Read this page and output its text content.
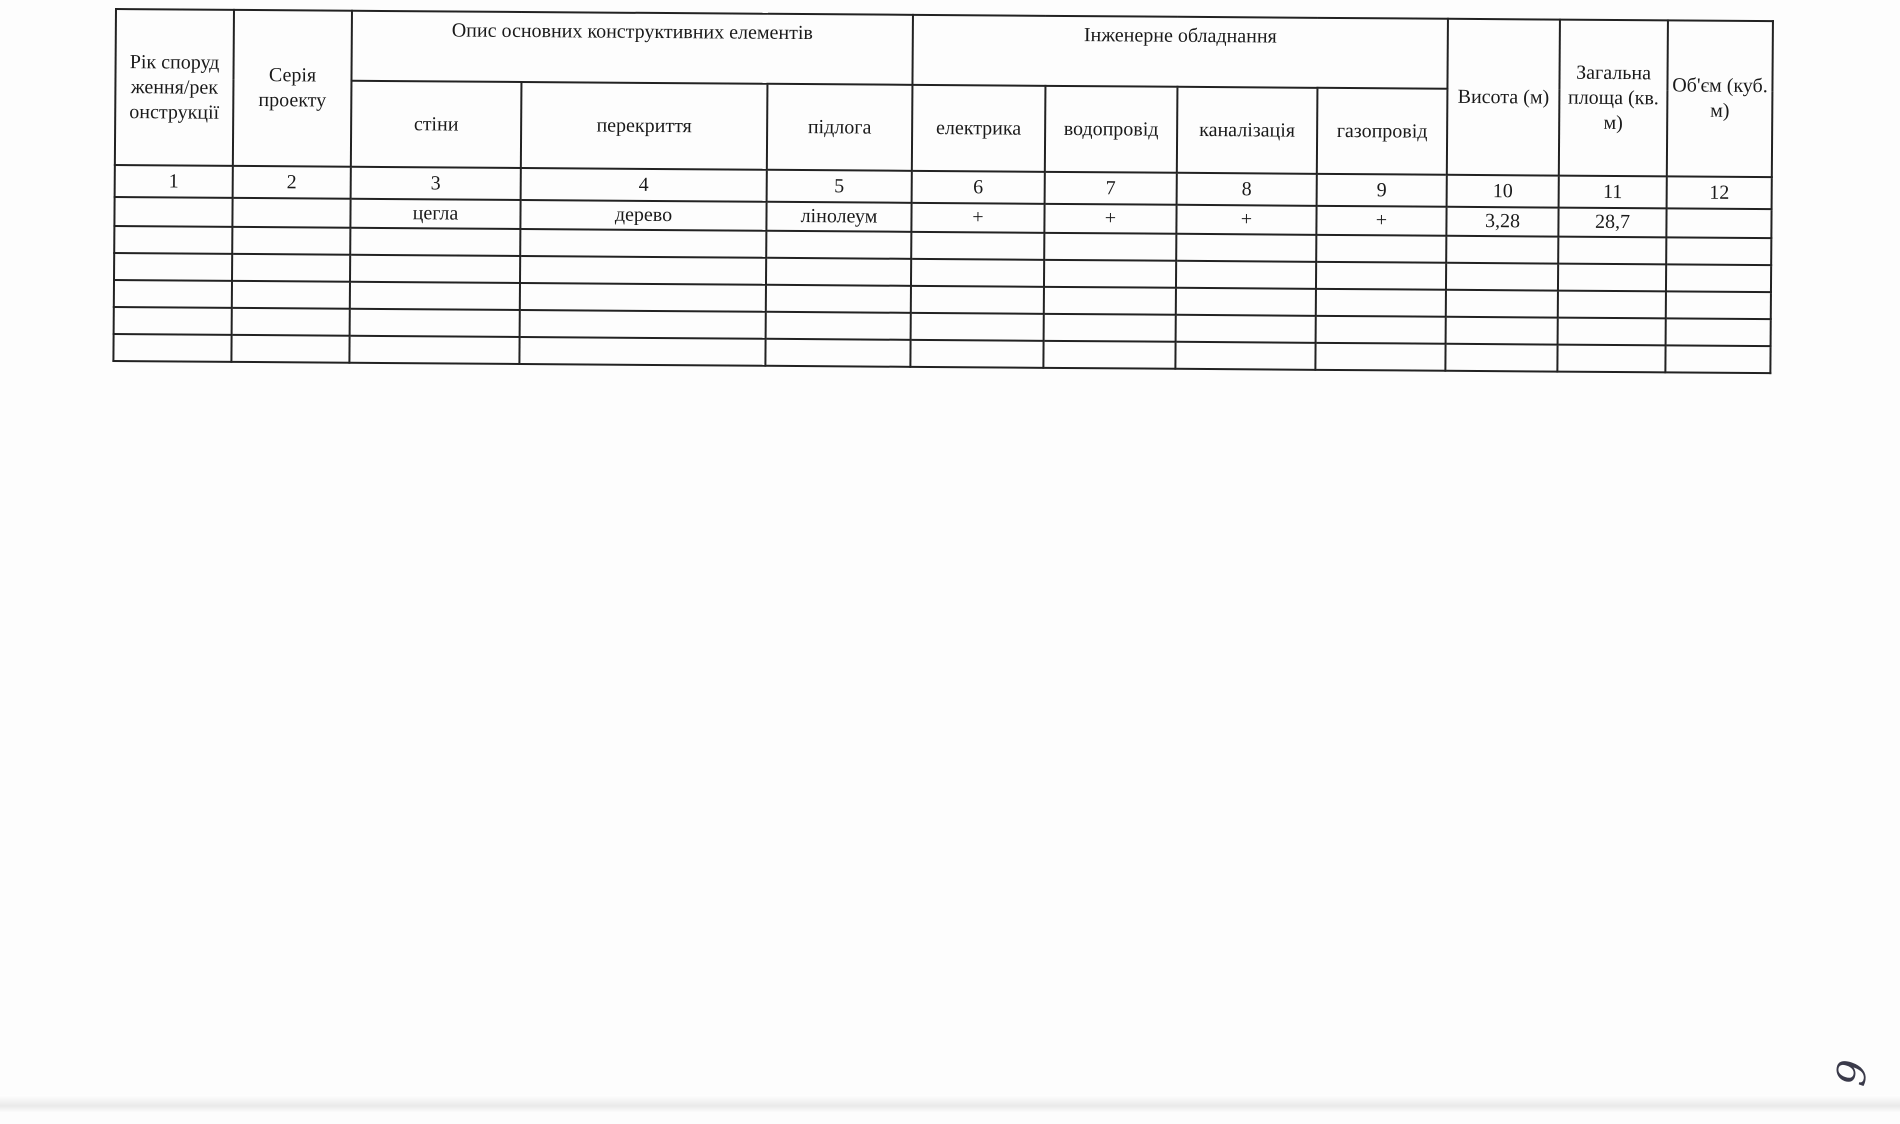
Рік споруд ження/рек онструкції	Серія проекту	Опис основних конструктивних елементів			Інженерне обладнання				Висота (м)	Загальна площа (кв. м)	Об'єм (куб. м)
		стіни	перекриття	підлога	електрика	водопровід	каналізація	газопровід			
1	2	3	4	5	6	7	8	9	10	11	12
		цегла	дерево	лінолеум	+	+	+	+	3,28	28,7	

9
